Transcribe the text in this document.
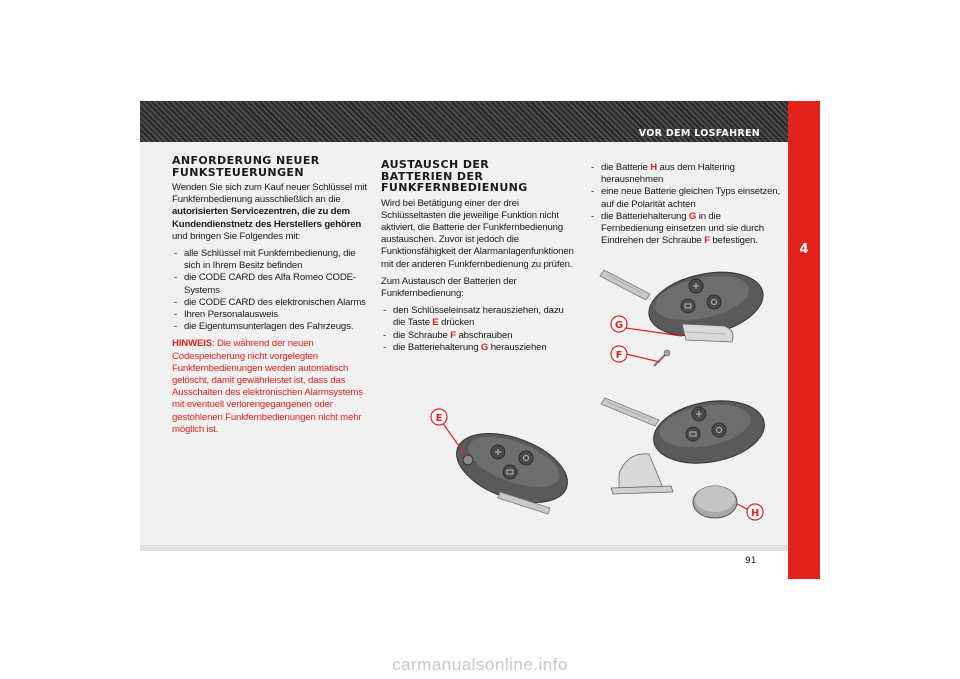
VOR DEM LOSFAHREN
4
91
ANFORDERUNG NEUER
FUNKSTEUERUNGEN

Wenden Sie sich zum Kauf neuer Schlüssel mit Funkfernbedienung ausschließlich an die autorisierten Servicezentren, die zu dem Kundendienstnetz des Herstellers gehören und bringen Sie Folgendes mit:

- alle Schlüssel mit Funkfernbedienung, die sich in Ihrem Besitz befinden
- die CODE CARD des Alfa Romeo CODE-Systems
- die CODE CARD des elektronischen Alarms
- Ihren Personalausweis
- die Eigentumsunterlagen des Fahrzeugs.

HINWEIS: Die während der neuen Codespeicherung nicht vorgelegten Funkfernbedienungen werden automatisch gelöscht, damit gewährleistet ist, dass das Ausschalten des elektronischen Alarmsystems mit eventuell verlorengegangenen oder gestohlenen Funkfernbedienungen nicht mehr möglich ist.

AUSTAUSCH DER
BATTERIEN DER
FUNKFERNBEDIENUNG

Wird bei Betätigung einer der drei Schlüsseltasten die jeweilige Funktion nicht aktiviert, die Batterie der Funkfernbedienung austauschen. Zuvor ist jedoch die Funktionsfähigkeit der Alarmanlagenfunktionen mit der anderen Funkfernbedienung zu prüfen.

Zum Austausch der Batterien der Funkfernbedienung:

- den Schlüsseleinsatz herausziehen, dazu die Taste E drücken
- die Schraube F abschrauben
- die Batteriehalterung G herausziehen
- die Batterie H aus dem Haltering herausnehmen
- eine neue Batterie gleichen Typs einsetzen, auf die Polarität achten
- die Batteriehalterung G in die Fernbedienung einsetzen und sie durch Eindrehen der Schraube F befestigen.
G
F
E
H
carmanualsonline.info
